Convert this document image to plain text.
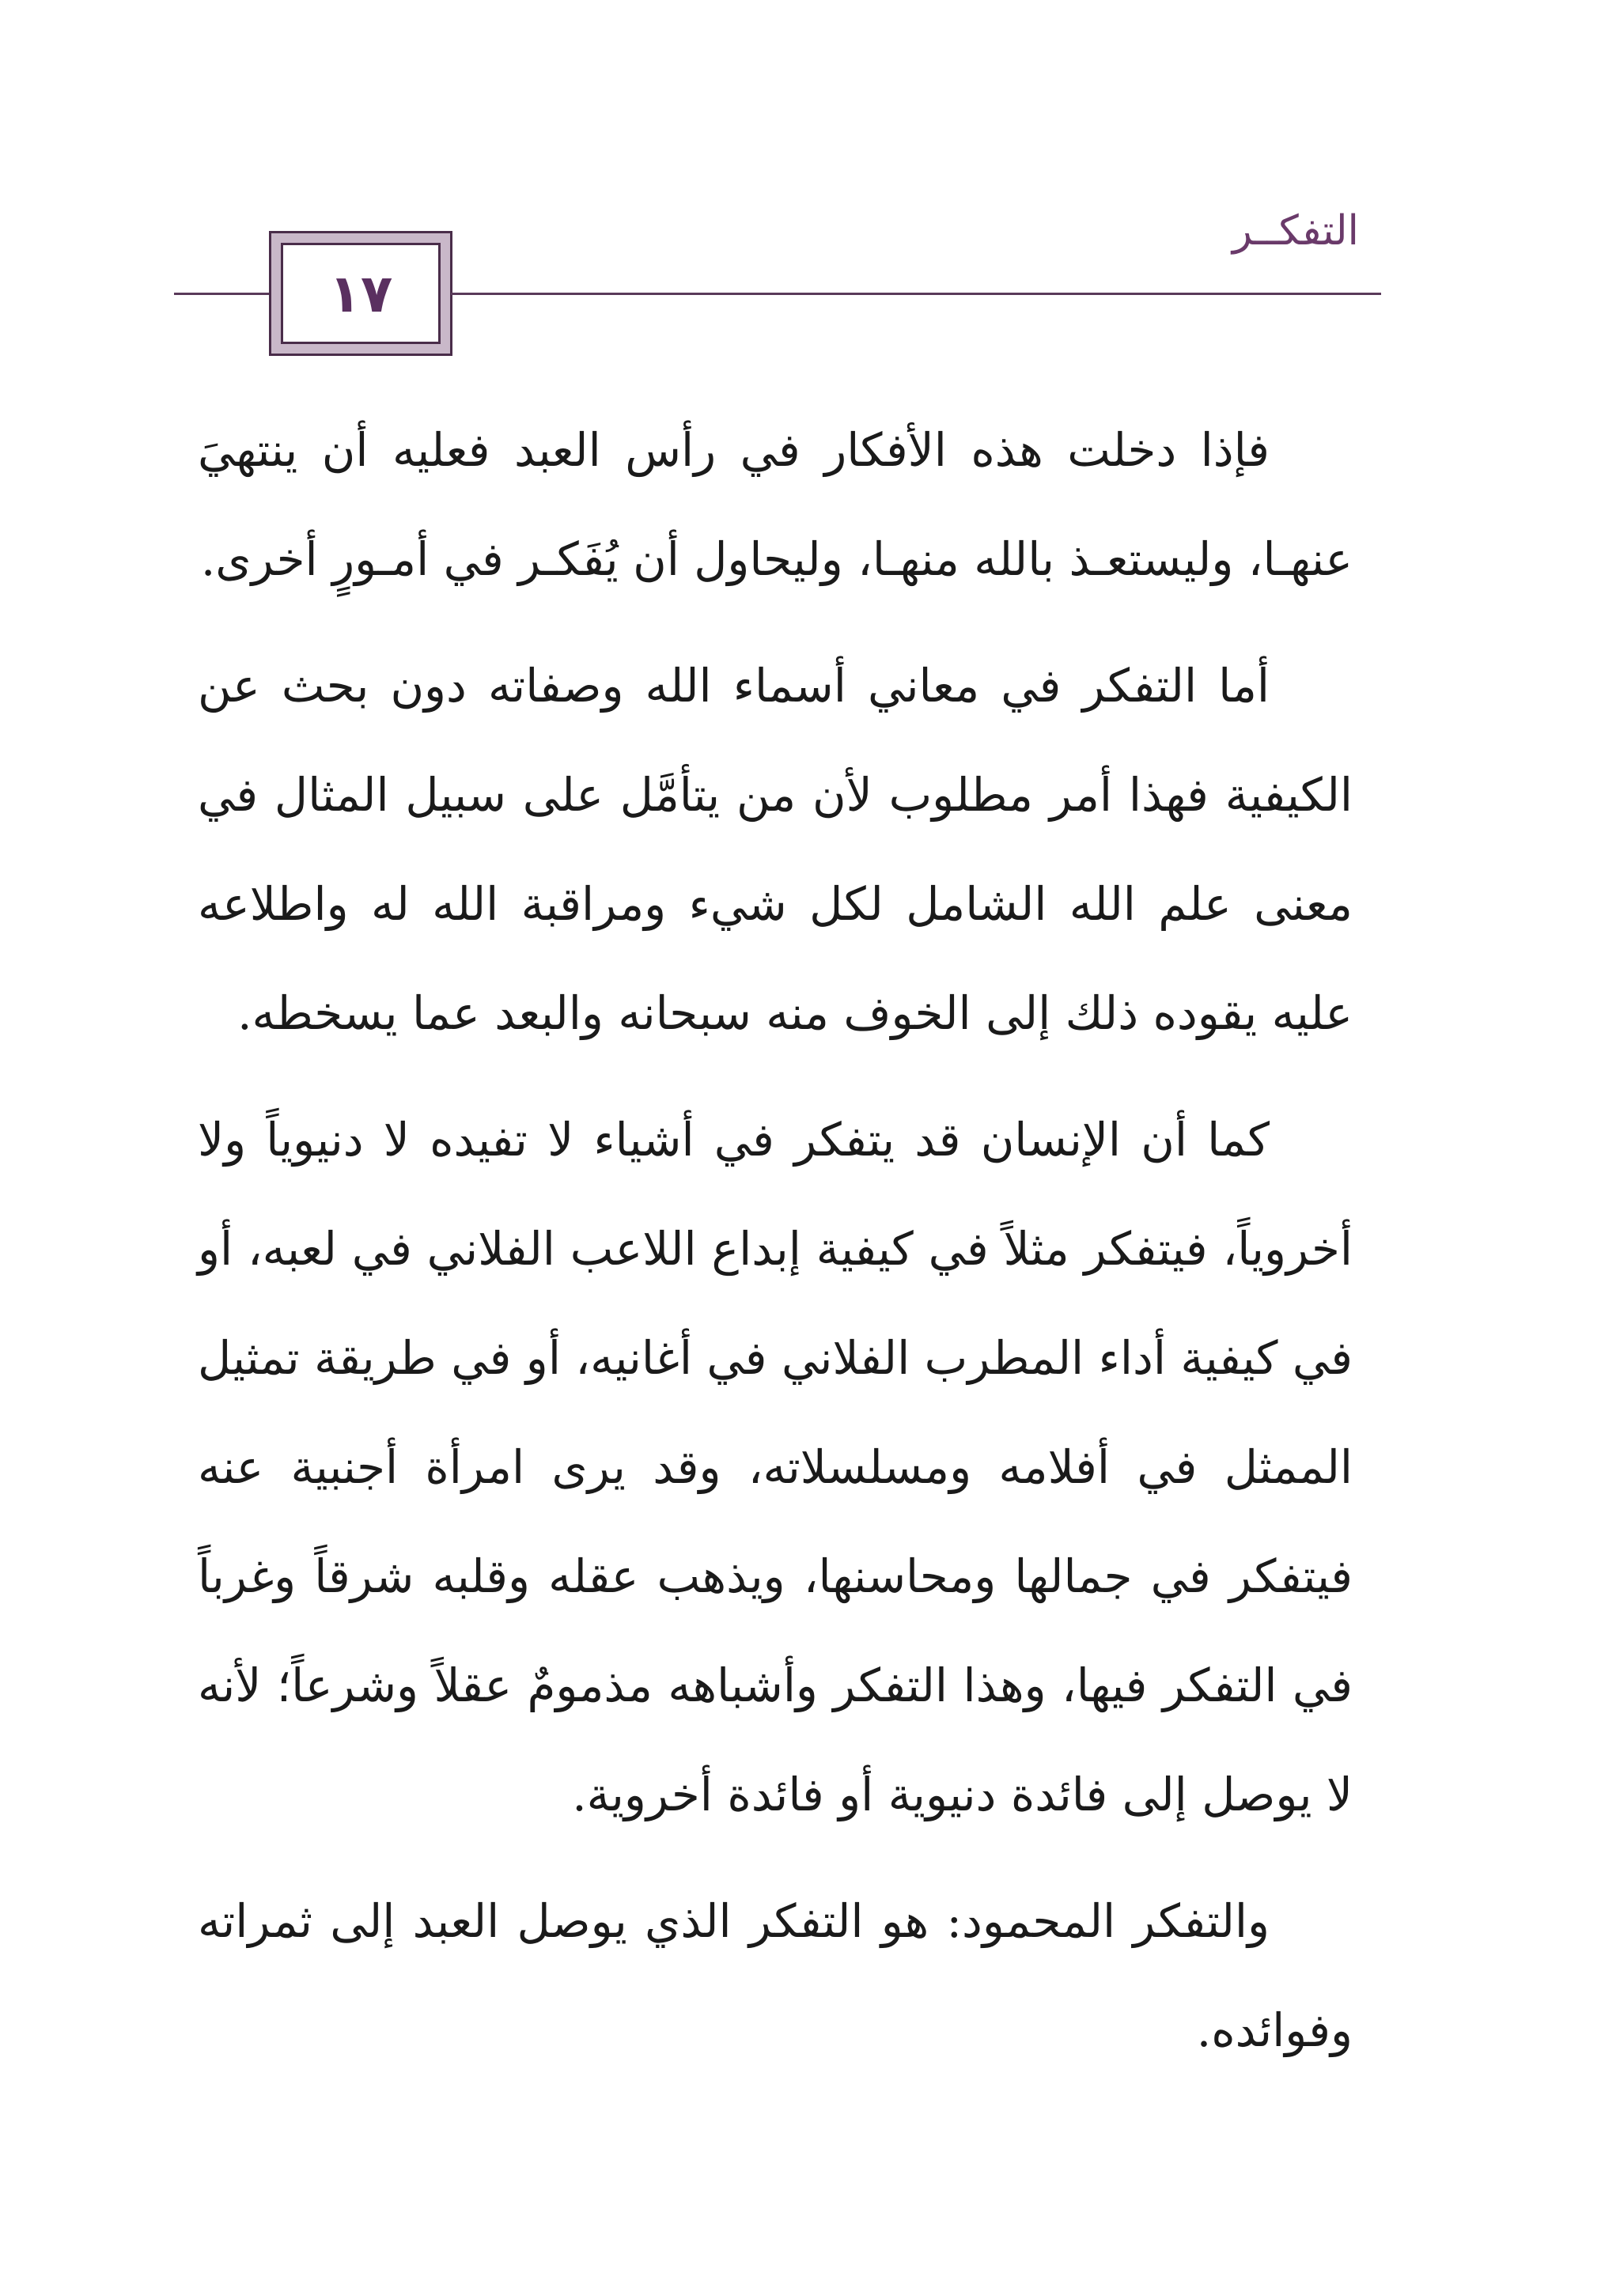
١٧
التفكــر

فإذا دخلت هذه الأفكار في رأس العبد فعليه أن ينتهيَ عنهـا، وليستعـذ بالله منهـا، وليحاول أن يُفَكـر في أمـورٍ أخرى.

أما التفكر في معاني أسماء الله وصفاته دون بحث عن الكيفية فهذا أمر مطلوب لأن من يتأمَّل على سبيل المثال في معنى علم الله الشامل لكل شيء ومراقبة الله له واطلاعه عليه يقوده ذلك إلى الخوف منه سبحانه والبعد عما يسخطه.

كما أن الإنسان قد يتفكر في أشياء لا تفيده لا دنيوياً ولا أخروياً، فيتفكر مثلاً في كيفية إبداع اللاعب الفلاني في لعبه، أو في كيفية أداء المطرب الفلاني في أغانيه، أو في طريقة تمثيل الممثل في أفلامه ومسلسلاته، وقد يرى امرأة أجنبية عنه فيتفكر في جمالها ومحاسنها، ويذهب عقله وقلبه شرقاً وغرباً في التفكر فيها، وهذا التفكر وأشباهه مذمومٌ عقلاً وشرعاً؛ لأنه لا يوصل إلى فائدة دنيوية أو فائدة أخروية.

والتفكر المحمود: هو التفكر الذي يوصل العبد إلى ثمراته وفوائده.
